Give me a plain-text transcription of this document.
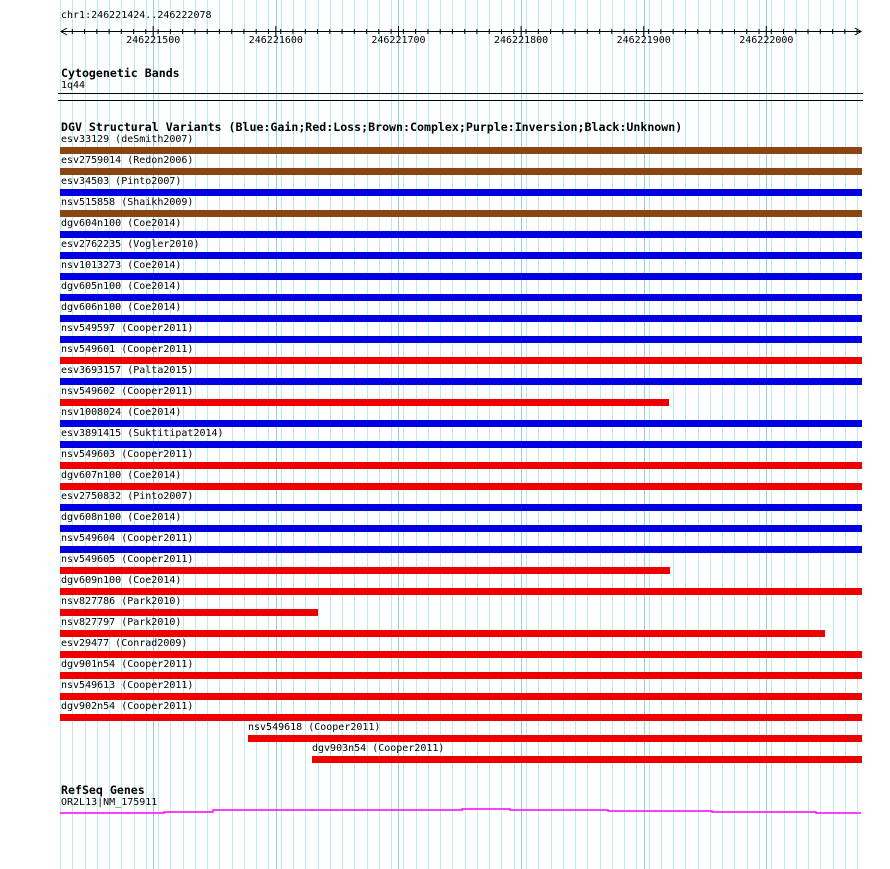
chr1:246221424..246222078
246221500	246221600	246221700	246221800	246221900	246222000
Cytogenetic Bands
1q44
DGV Structural Variants (Blue:Gain;Red:Loss;Brown:Complex;Purple:Inversion;Black:Unknown)
esv33129 (deSmith2007)
esv2759014 (Redon2006)
esv34503 (Pinto2007)
nsv515858 (Shaikh2009)
dgv604n100 (Coe2014)
esv2762235 (Vogler2010)
nsv1013273 (Coe2014)
dgv605n100 (Coe2014)
dgv606n100 (Coe2014)
nsv549597 (Cooper2011)
nsv549601 (Cooper2011)
esv3693157 (Palta2015)
nsv549602 (Cooper2011)
nsv1008024 (Coe2014)
esv3891415 (Suktitipat2014)
nsv549603 (Cooper2011)
dgv607n100 (Coe2014)
esv2750832 (Pinto2007)
dgv608n100 (Coe2014)
nsv549604 (Cooper2011)
nsv549605 (Cooper2011)
dgv609n100 (Coe2014)
nsv827786 (Park2010)
nsv827797 (Park2010)
esv29477 (Conrad2009)
dgv901n54 (Cooper2011)
nsv549613 (Cooper2011)
dgv902n54 (Cooper2011)
nsv549618 (Cooper2011)
dgv903n54 (Cooper2011)
RefSeq Genes
OR2L13|NM_175911
